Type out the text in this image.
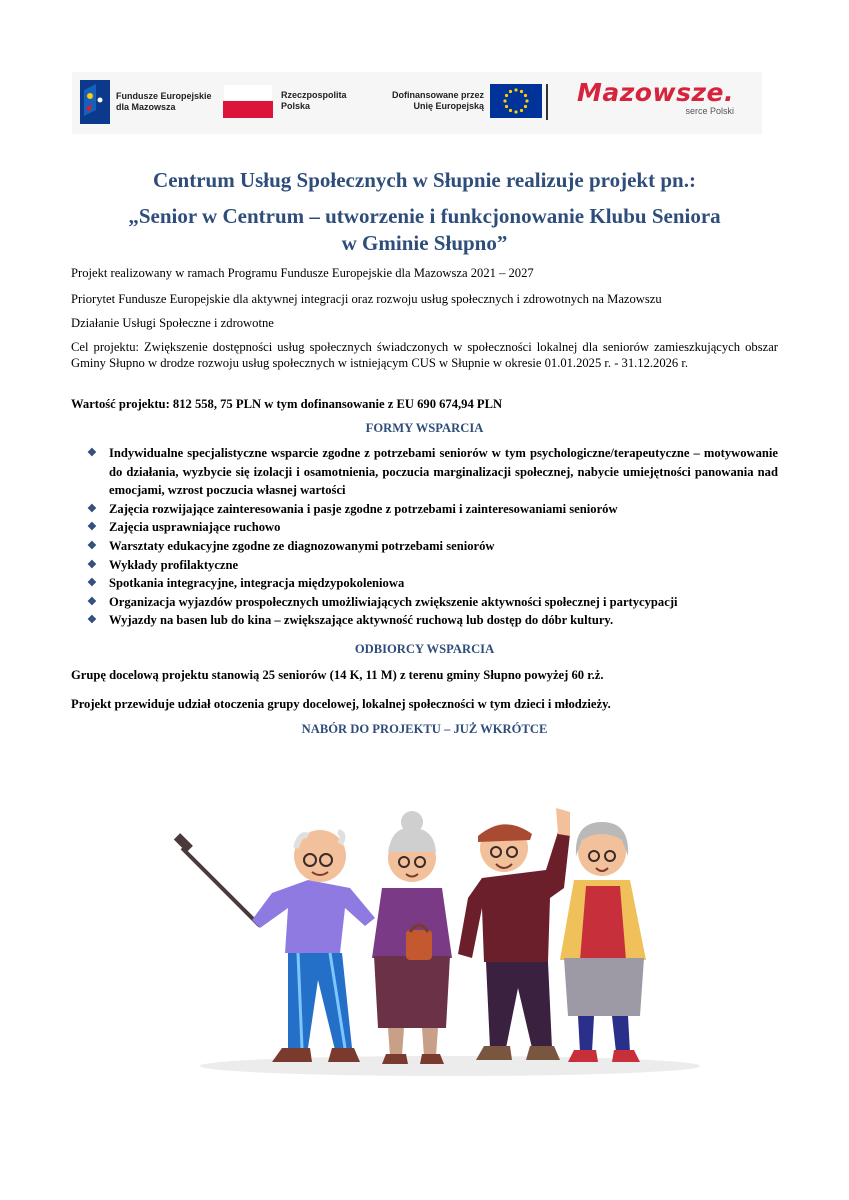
Fundusze Europejskie
dla Mazowsza
Rzeczpospolita
Polska
Dofinansowane przez
Unię Europejską	Mazowsze.
serce Polski
Centrum Usług Społecznych w Słupnie realizuje projekt pn.:
„Senior w Centrum – utworzenie i funkcjonowanie Klubu Seniora
w Gminie Słupno”
Projekt realizowany w ramach Programu Fundusze Europejskie dla Mazowsza 2021 – 2027
Priorytet Fundusze Europejskie dla aktywnej integracji oraz rozwoju usług społecznych i zdrowotnych na Mazowszu
Działanie Usługi Społeczne i zdrowotne
Cel projektu: Zwiększenie dostępności usług społecznych świadczonych w społeczności lokalnej dla seniorów zamieszkujących obszar Gminy Słupno w drodze rozwoju usług społecznych w istniejącym CUS w Słupnie w okresie 01.01.2025 r. - 31.12.2026 r.
Wartość projektu: 812 558, 75 PLN w tym dofinansowanie z EU 690 674,94 PLN
FORMY WSPARCIA
❖ Indywidualne specjalistyczne wsparcie zgodne z potrzebami seniorów w tym psychologiczne/terapeutyczne – motywowanie do działania, wyzbycie się izolacji i osamotnienia, poczucia marginalizacji społecznej, nabycie umiejętności panowania nad emocjami, wzrost poczucia własnej wartości
❖ Zajęcia rozwijające zainteresowania i pasje zgodne z potrzebami i zainteresowaniami seniorów
❖ Zajęcia usprawniające ruchowo
❖ Warsztaty edukacyjne zgodne ze diagnozowanymi potrzebami seniorów
❖ Wykłady profilaktyczne
❖ Spotkania integracyjne, integracja międzypokoleniowa
❖ Organizacja wyjazdów prospołecznych umożliwiających zwiększenie aktywności społecznej i partycypacji
❖ Wyjazdy na basen lub do kina – zwiększające aktywność ruchową lub dostęp do dóbr kultury.
ODBIORCY WSPARCIA
Grupę docelową projektu stanowią 25 seniorów (14 K, 11 M) z terenu gminy Słupno powyżej 60 r.ż.
Projekt przewiduje udział otoczenia grupy docelowej, lokalnej społeczności w tym dzieci i młodzieży.
NABÓR DO PROJEKTU – JUŻ WKRÓTCE
